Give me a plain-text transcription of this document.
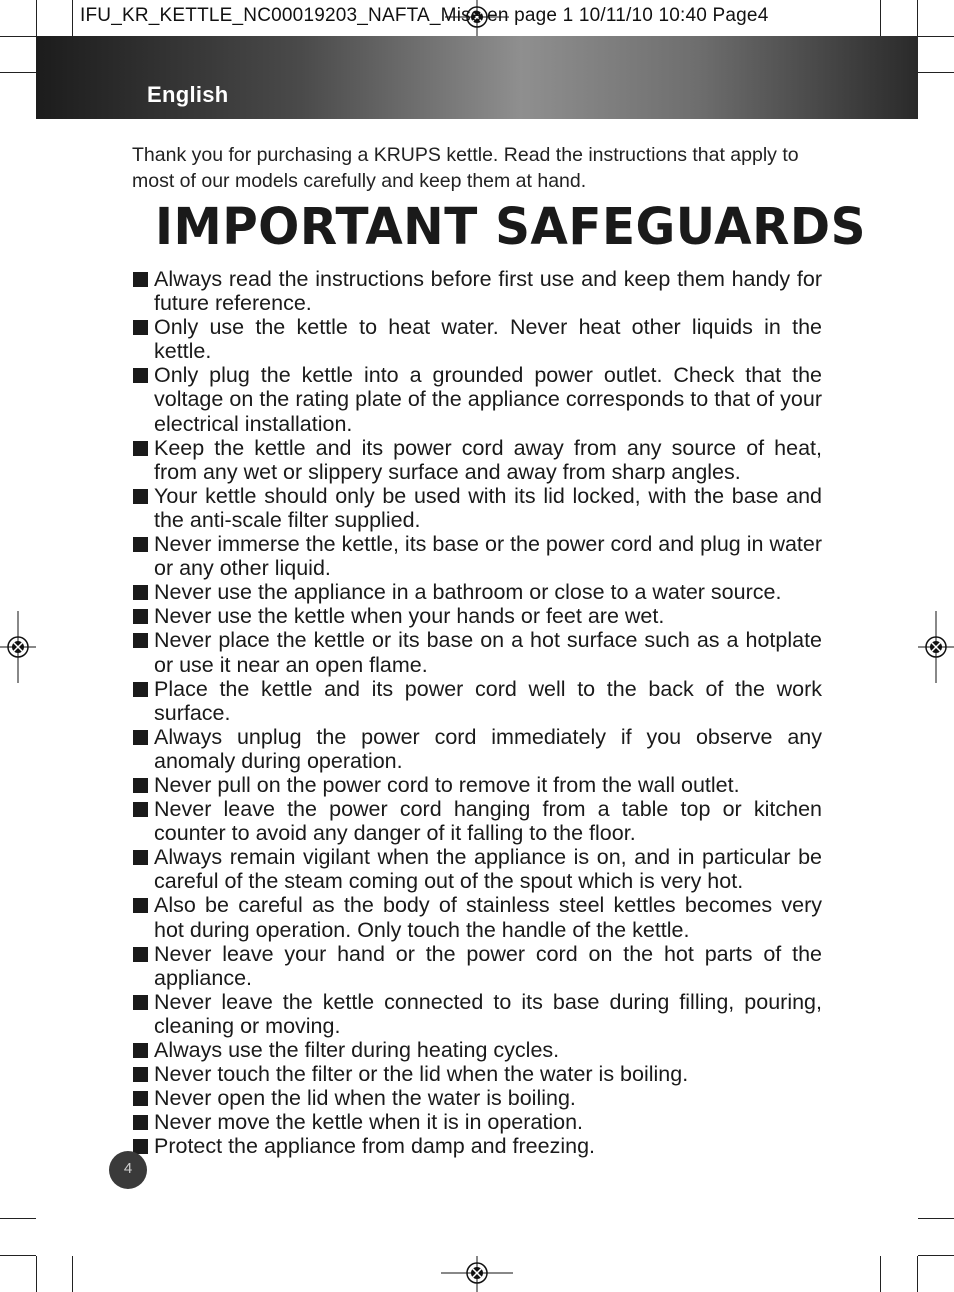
IFU_KR_KETTLE_NC00019203_NAFTA_Mise en page 1 10/11/10 10:40 Page4
English
Thank you for purchasing a KRUPS kettle. Read the instructions that apply to most of our models carefully and keep them at hand.
IMPORTANT SAFEGUARDS
Always read the instructions before first use and keep them handy for future reference.
Only use the kettle to heat water. Never heat other liquids in the kettle.
Only plug the kettle into a grounded power outlet. Check that the voltage on the rating plate of the appliance corresponds to that of your electrical installation.
Keep the kettle and its power cord away from any source of heat, from any wet or slippery surface and away from sharp angles.
Your kettle should only be used with its lid locked, with the base and the anti-scale filter supplied.
Never immerse the kettle, its base or the power cord and plug in water or any other liquid.
Never use the appliance in a bathroom or close to a water source.
Never use the kettle when your hands or feet are wet.
Never place the kettle or its base on a hot surface such as a hotplate or use it near an open flame.
Place the kettle and its power cord well to the back of the work surface.
Always unplug the power cord immediately if you observe any anomaly during operation.
Never pull on the power cord to remove it from the wall outlet.
Never leave the power cord hanging from a table top or kitchen counter to avoid any danger of it falling to the floor.
Always remain vigilant when the appliance is on, and in particular be careful of the steam coming out of the spout which is very hot.
Also be careful as the body of stainless steel kettles becomes very hot during operation. Only touch the handle of the kettle.
Never leave your hand or the power cord on the hot parts of the appliance.
Never leave the kettle connected to its base during filling, pouring, cleaning or moving.
Always use the filter during heating cycles.
Never touch the filter or the lid when the water is boiling.
Never open the lid when the water is boiling.
Never move the kettle when it is in operation.
Protect the appliance from damp and freezing.
4
